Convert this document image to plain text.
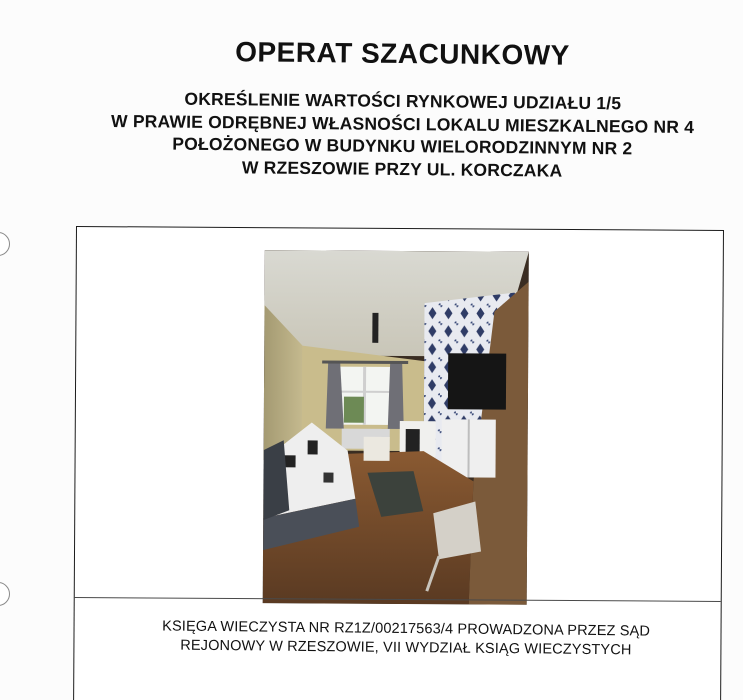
OPERAT SZACUNKOWY
OKREŚLENIE WARTOŚCI RYNKOWEJ UDZIAŁU 1/5
W PRAWIE ODRĘBNEJ WŁASNOŚCI LOKALU MIESZKALNEGO NR 4
POŁOŻONEGO W BUDYNKU WIELORODZINNYM NR 2
W RZESZOWIE PRZY UL. KORCZAKA
KSIĘGA WIECZYSTA NR RZ1Z/00217563/4 PROWADZONA PRZEZ SĄD
REJONOWY W RZESZOWIE, VII WYDZIAŁ KSIĄG WIECZYSTYCH
